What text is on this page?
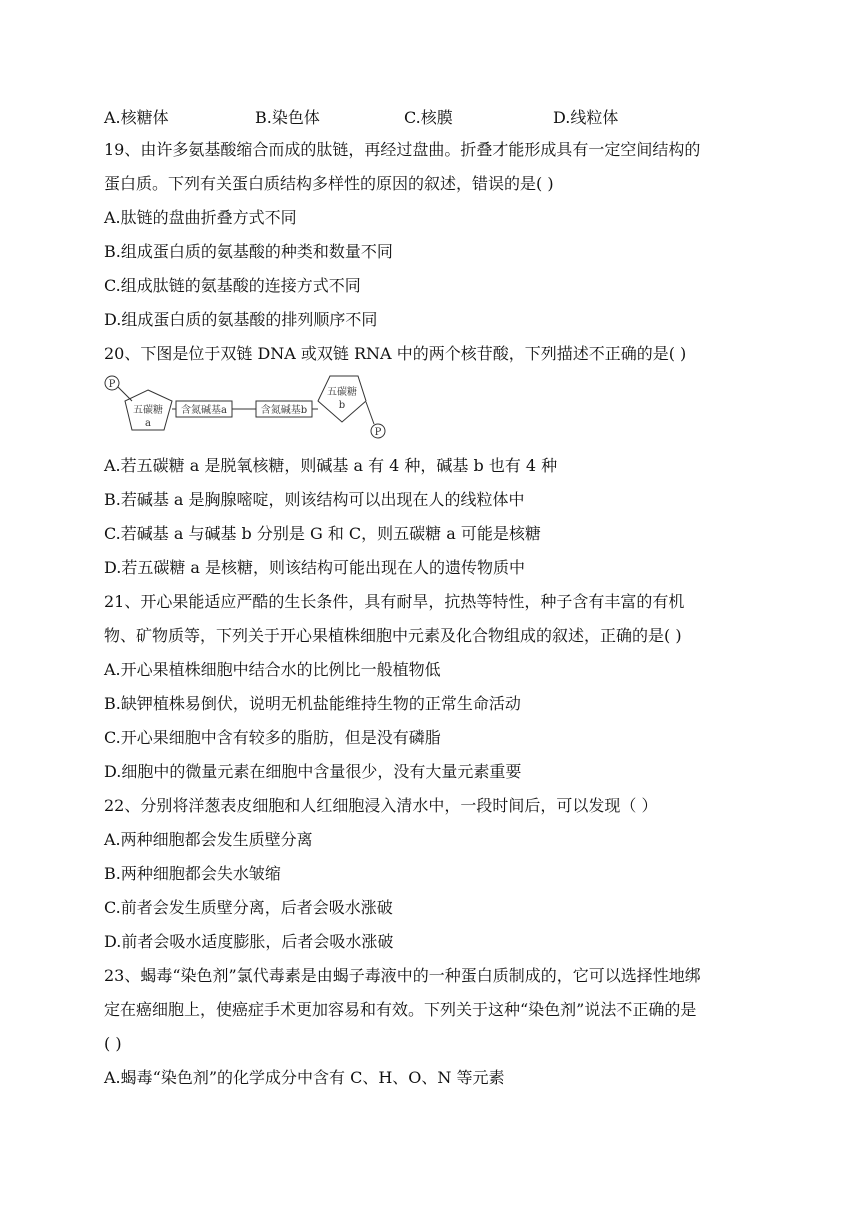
A.核糖体	B.染色体	C.核膜	D.线粒体
19、由许多氨基酸缩合而成的肽链，再经过盘曲。折叠才能形成具有一定空间结构的
蛋白质。下列有关蛋白质结构多样性的原因的叙述，错误的是( )
A.肽链的盘曲折叠方式不同
B.组成蛋白质的氨基酸的种类和数量不同
C.组成肽链的氨基酸的连接方式不同
D.组成蛋白质的氨基酸的排列顺序不同
20、下图是位于双链 DNA 或双链 RNA 中的两个核苷酸，下列描述不正确的是( )
P
五碳糖
a
含氮碱基a	含氮碱基b
五碳糖
b
P
A.若五碳糖 a 是脱氧核糖，则碱基 a 有 4 种，碱基 b 也有 4 种
B.若碱基 a 是胸腺嘧啶，则该结构可以出现在人的线粒体中
C.若碱基 a 与碱基 b 分别是 G 和 C，则五碳糖 a 可能是核糖
D.若五碳糖 a 是核糖，则该结构可能出现在人的遗传物质中
21、开心果能适应严酷的生长条件，具有耐旱，抗热等特性，种子含有丰富的有机
物、矿物质等，下列关于开心果植株细胞中元素及化合物组成的叙述，正确的是( )
A.开心果植株细胞中结合水的比例比一般植物低
B.缺钾植株易倒伏，说明无机盐能维持生物的正常生命活动
C.开心果细胞中含有较多的脂肪，但是没有磷脂
D.细胞中的微量元素在细胞中含量很少，没有大量元素重要
22、分别将洋葱表皮细胞和人红细胞浸入清水中，一段时间后，可以发现（ ）
A.两种细胞都会发生质壁分离
B.两种细胞都会失水皱缩
C.前者会发生质壁分离，后者会吸水涨破
D.前者会吸水适度膨胀，后者会吸水涨破
23、蝎毒“染色剂”氯代毒素是由蝎子毒液中的一种蛋白质制成的，它可以选择性地绑
定在癌细胞上，使癌症手术更加容易和有效。下列关于这种“染色剂”说法不正确的是
( )
A.蝎毒“染色剂”的化学成分中含有 C、H、O、N 等元素
